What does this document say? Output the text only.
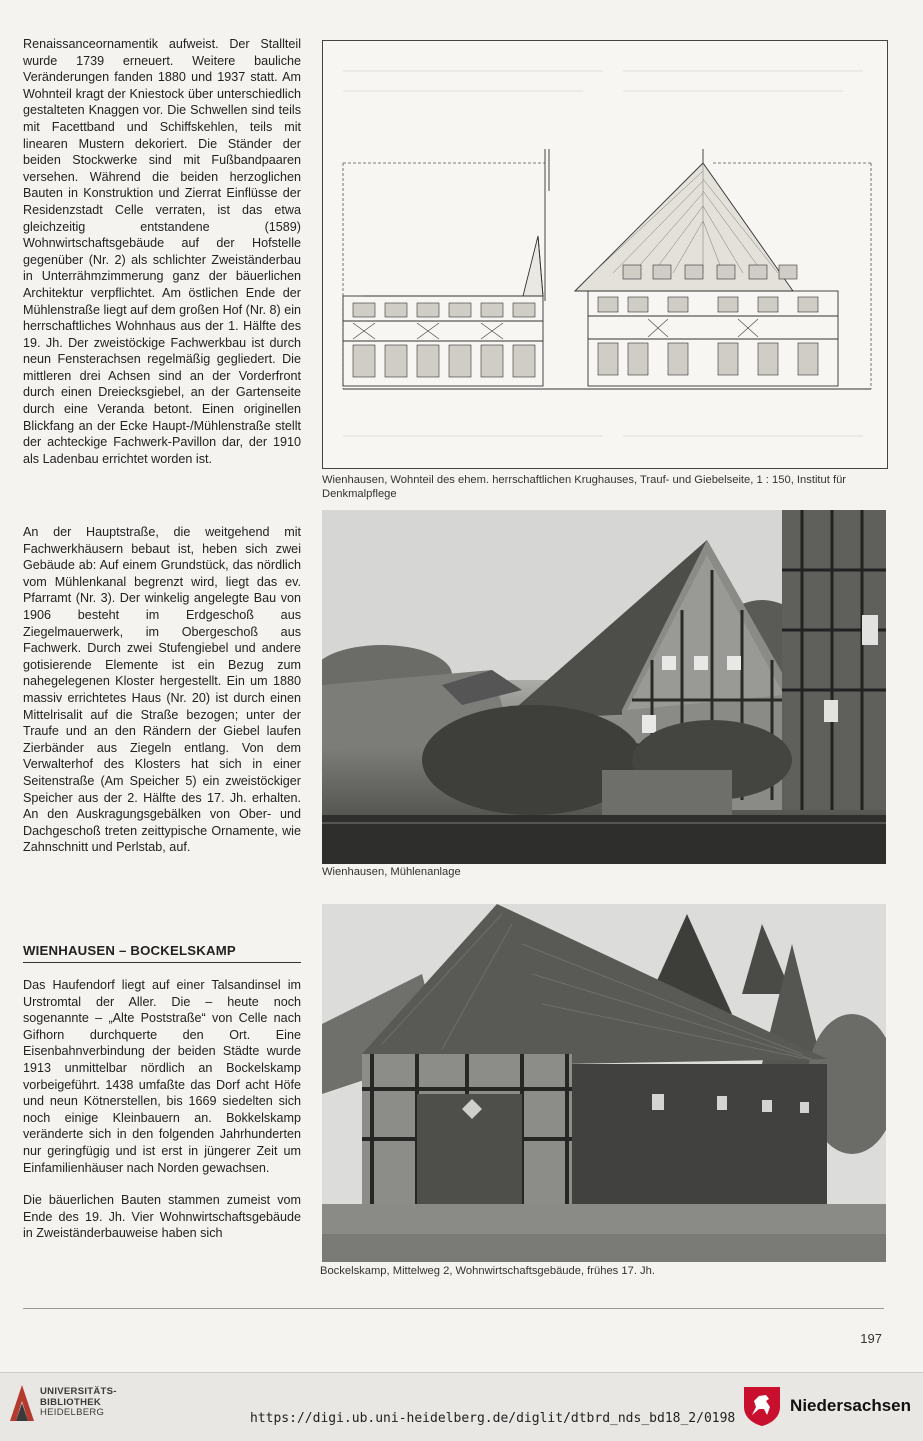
Renaissanceornamentik aufweist. Der Stallteil wurde 1739 erneuert. Weitere bauliche Veränderungen fanden 1880 und 1937 statt. Am Wohnteil kragt der Kniestock über unterschiedlich gestalteten Knaggen vor. Die Schwellen sind teils mit Facettband und Schiffskehlen, teils mit linearen Mustern dekoriert. Die Ständer der beiden Stockwerke sind mit Fußbandpaaren versehen. Während die beiden herzoglichen Bauten in Konstruktion und Zierrat Einflüsse der Residenzstadt Celle verraten, ist das etwa gleichzeitig entstandene (1589) Wohnwirtschaftsgebäude auf der Hofstelle gegenüber (Nr. 2) als schlichter Zweiständerbau in Unterrähmzimmerung ganz der bäuerlichen Architektur verpflichtet. Am östlichen Ende der Mühlenstraße liegt auf dem großen Hof (Nr. 8) ein herrschaftliches Wohnhaus aus der 1. Hälfte des 19. Jh. Der zweistöckige Fachwerkbau ist durch neun Fensterachsen regelmäßig gegliedert. Die mittleren drei Achsen sind an der Vorderfront durch einen Dreiecksgiebel, an der Gartenseite durch eine Veranda betont. Einen originellen Blickfang an der Ecke Haupt-/Mühlenstraße stellt der achteckige Fachwerk-Pavillon dar, der 1910 als Ladenbau errichtet worden ist.

An der Hauptstraße, die weitgehend mit Fachwerkhäusern bebaut ist, heben sich zwei Gebäude ab: Auf einem Grundstück, das nördlich vom Mühlenkanal begrenzt wird, liegt das ev. Pfarramt (Nr. 3). Der winkelig angelegte Bau von 1906 besteht im Erdgeschoß aus Ziegelmauerwerk, im Obergeschoß aus Fachwerk. Durch zwei Stufengiebel und andere gotisierende Elemente ist ein Bezug zum nahegelegenen Kloster hergestellt. Ein um 1880 massiv errichtetes Haus (Nr. 20) ist durch einen Mittelrisalit auf die Straße bezogen; unter der Traufe und an den Rändern der Giebel laufen Zierbänder aus Ziegeln entlang. Von dem Verwalterhof des Klosters hat sich in einer Seitenstraße (Am Speicher 5) ein zweistöckiger Speicher aus der 2. Hälfte des 17. Jh. erhalten. An den Auskragungsgebälken von Ober- und Dachgeschoß treten zeittypische Ornamente, wie Zahnschnitt und Perlstab, auf.

Das Haufendorf liegt auf einer Talsandinsel im Urstromtal der Aller. Die – heute noch sogenannte – „Alte Poststraße“ von Celle nach Gifhorn durchquerte den Ort. Eine Eisenbahnverbindung der beiden Städte wurde 1913 unmittelbar nördlich an Bockelskamp vorbeigeführt. 1438 umfaßte das Dorf acht Höfe und neun Kötnerstellen, bis 1669 siedelten sich noch einige Kleinbauern an. Bokkelskamp veränderte sich in den folgenden Jahrhunderten nur geringfügig und ist erst in jüngerer Zeit um Einfamilienhäuser nach Norden gewachsen.

Die bäuerlichen Bauten stammen zumeist vom Ende des 19. Jh. Vier Wohnwirtschaftsgebäude in Zweiständerbauweise haben sich

WIENHAUSEN – BOCKELSKAMP
Wienhausen, Wohnteil des ehem. herrschaftlichen Krughauses, Trauf- und Giebelseite, 1 : 150, Institut für Denkmalpflege
Wienhausen, Mühlenanlage
Bockelskamp, Mittelweg 2, Wohnwirtschaftsgebäude, frühes 17. Jh.
197
UNIVERSITÄTS-
BIBLIOTHEK
HEIDELBERG	https://digi.ub.uni-heidelberg.de/diglit/dtbrd_nds_bd18_2/0198
Niedersachsen
